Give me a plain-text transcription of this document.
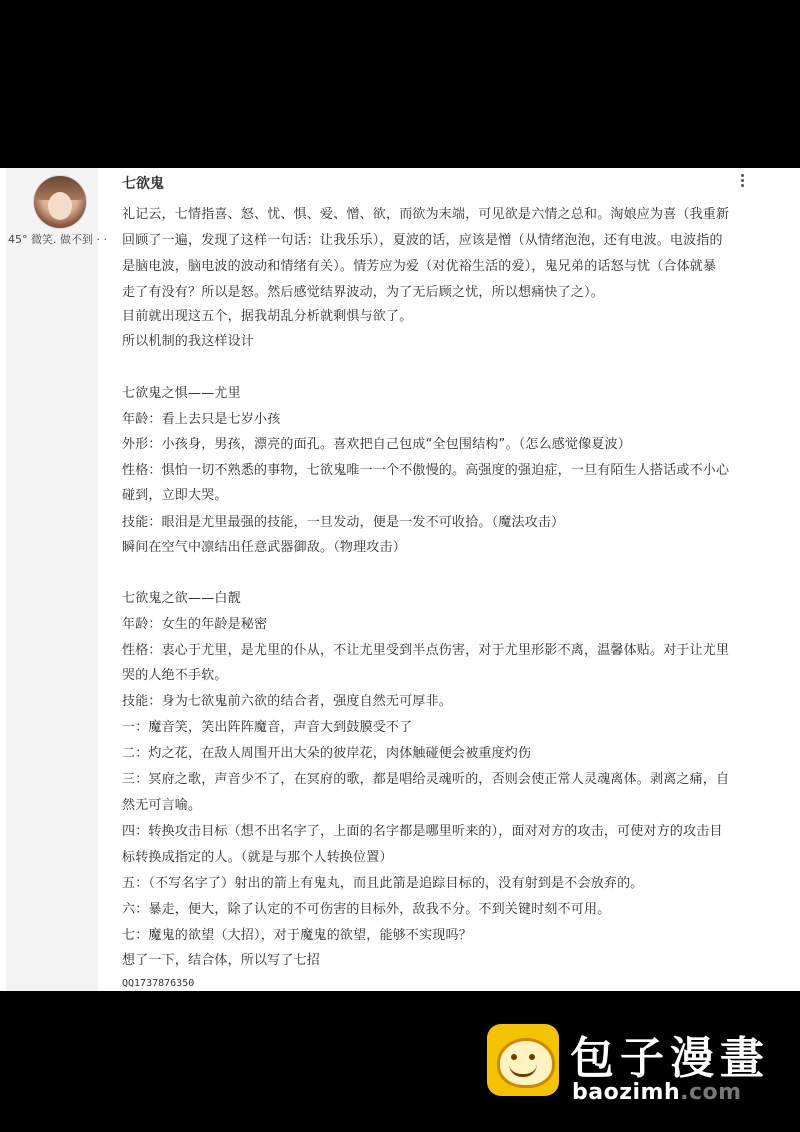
45° 微笑. 做不到 · ·
七欲鬼
礼记云，七情指喜、怒、忧、惧、爱、憎、欲，而欲为末端，可见欲是六情之总和。淘娘应为喜（我重新
回顾了一遍，发现了这样一句话：让我乐乐），夏波的话，应该是憎（从情绪泡泡，还有电波。电波指的
是脑电波，脑电波的波动和情绪有关）。情芳应为爱（对优裕生活的爱），鬼兄弟的话怒与忧（合体就暴
走了有没有？所以是怒。然后感觉结界波动，为了无后顾之忧，所以想痛快了之）。
目前就出现这五个，据我胡乱分析就剩惧与欲了。
所以机制的我这样设计
七欲鬼之惧——尤里
年龄：看上去只是七岁小孩
外形：小孩身，男孩，漂亮的面孔。喜欢把自己包成“全包围结构”。（怎么感觉像夏波）
性格：惧怕一切不熟悉的事物，七欲鬼唯一一个不傲慢的。高强度的强迫症，一旦有陌生人搭话或不小心
碰到，立即大哭。
技能：眼泪是尤里最强的技能，一旦发动，便是一发不可收拾。（魔法攻击）
瞬间在空气中凛结出任意武器御敌。（物理攻击）
七欲鬼之欲——白靓
年龄：女生的年龄是秘密
性格：衷心于尤里，是尤里的仆从，不让尤里受到半点伤害，对于尤里形影不离，温馨体贴。对于让尤里
哭的人绝不手软。
技能：身为七欲鬼前六欲的结合者，强度自然无可厚非。
一：魔音笑，笑出阵阵魔音，声音大到鼓膜受不了
二：灼之花，在敌人周围开出大朵的彼岸花，肉体触碰便会被重度灼伤
三：冥府之歌，声音少不了，在冥府的歌，都是唱给灵魂听的，否则会使正常人灵魂离体。剥离之痛，自
然无可言喻。
四：转换攻击目标（想不出名字了，上面的名字都是哪里听来的），面对对方的攻击，可使对方的攻击目
标转换成指定的人。（就是与那个人转换位置）
五：（不写名字了）射出的箭上有鬼丸，而且此箭是追踪目标的，没有射到是不会放弃的。
六：暴走，便大，除了认定的不可伤害的目标外，敌我不分。不到关键时刻不可用。
七：魔鬼的欲望（大招），对于魔鬼的欲望，能够不实现吗？
想了一下，结合体，所以写了七招
QQ1737876350
包子漫畫
baozimh.com
